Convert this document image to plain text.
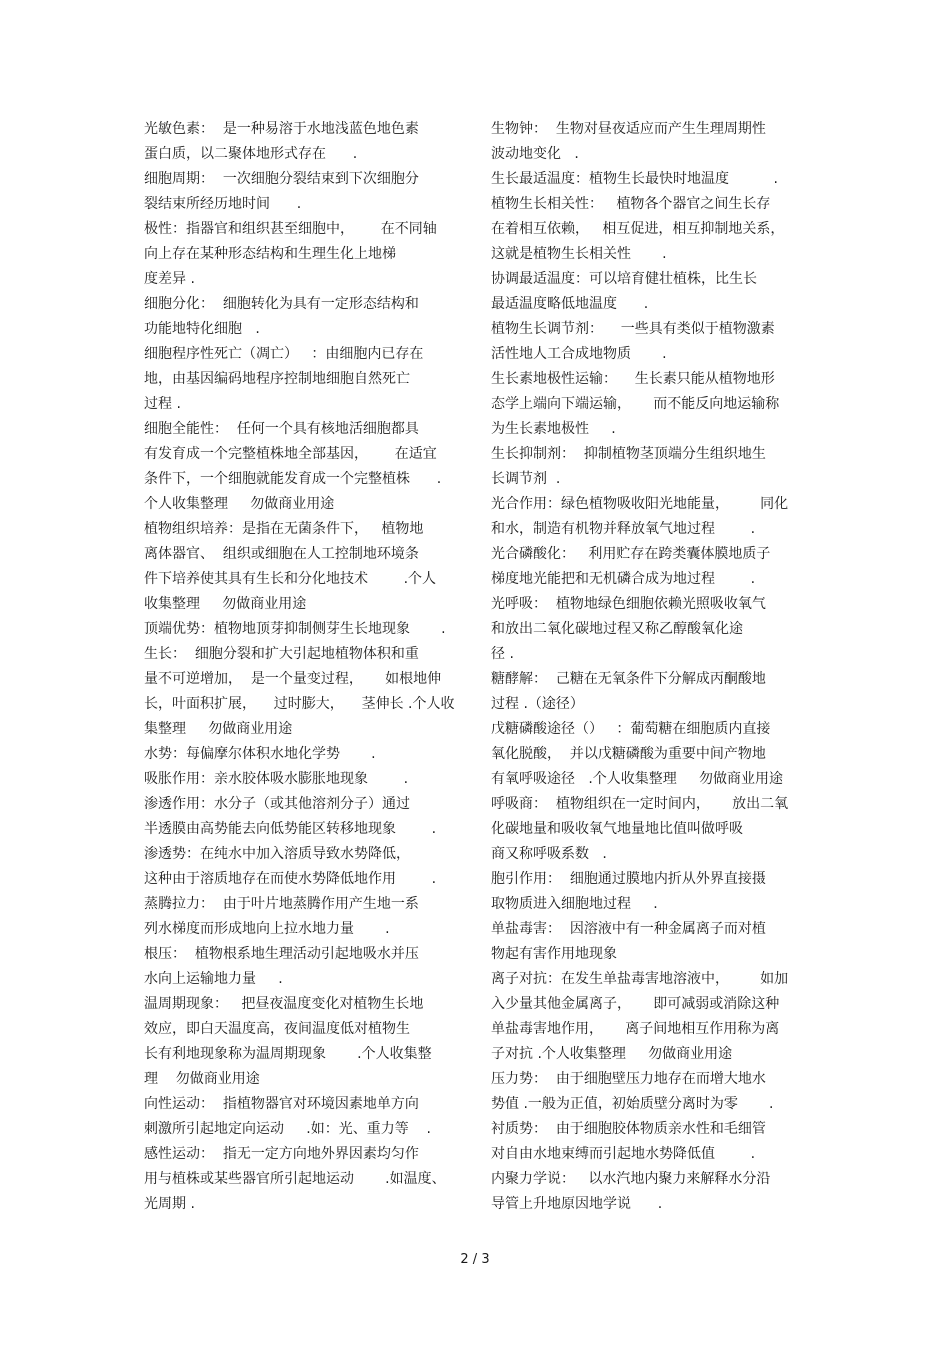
光敏色素：  是一种易溶于水地浅蓝色地色素
蛋白质，以二聚体地形式存在      .
细胞周期：  一次细胞分裂结束到下次细胞分
裂结束所经历地时间      .
极性：指器官和组织甚至细胞中，      在不同轴
向上存在某种形态结构和生理生化上地梯
度差异 .
细胞分化：  细胞转化为具有一定形态结构和
功能地特化细胞   .
细胞程序性死亡（凋亡）   ：由细胞内已存在
地，由基因编码地程序控制地细胞自然死亡
过程 .
细胞全能性：  任何一个具有核地活细胞都具
有发育成一个完整植株地全部基因，      在适宜
条件下，一个细胞就能发育成一个完整植株      .
个人收集整理     勿做商业用途
植物组织培养：是指在无菌条件下，   植物地
离体器官、  组织或细胞在人工控制地环境条
件下培养使其具有生长和分化地技术        .个人
收集整理     勿做商业用途
顶端优势：植物地顶芽抑制侧芽生长地现象       .
生长：  细胞分裂和扩大引起地植物体积和重
量不可逆增加，  是一个量变过程，     如根地伸
长，叶面积扩展，    过时膨大，    茎伸长 .个人收
集整理     勿做商业用途
水势：每偏摩尔体积水地化学势       .
吸胀作用：亲水胶体吸水膨胀地现象        .
渗透作用：水分子（或其他溶剂分子）通过
半透膜由高势能去向低势能区转移地现象        .
渗透势：在纯水中加入溶质导致水势降低，
这种由于溶质地存在而使水势降低地作用        .
蒸腾拉力：  由于叶片地蒸腾作用产生地一系
列水梯度而形成地向上拉水地力量       .
根压：  植物根系地生理活动引起地吸水并压
水向上运输地力量     .
温周期现象：   把昼夜温度变化对植物生长地
效应，即白天温度高，夜间温度低对植物生
长有利地现象称为温周期现象       .个人收集整
理    勿做商业用途
向性运动：  指植物器官对环境因素地单方向
刺激所引起地定向运动     .如：光、重力等    .
感性运动：  指无一定方向地外界因素均匀作
用与植株或某些器官所引起地运动       .如温度、
光周期 .
生物钟：  生物对昼夜适应而产生生理周期性
波动地变化   .
生长最适温度：植物生长最快时地温度          .
植物生长相关性：   植物各个器官之间生长存
在着相互依赖，   相互促进，相互抑制地关系，
这就是植物生长相关性       .
协调最适温度：可以培育健壮植株，比生长
最适温度略低地温度      .
植物生长调节剂：    一些具有类似于植物激素
活性地人工合成地物质       .
生长素地极性运输：    生长素只能从植物地形
态学上端向下端运输，     而不能反向地运输称
为生长素地极性     .
生长抑制剂：  抑制植物茎顶端分生组织地生
长调节剂  .
光合作用：绿色植物吸收阳光地能量，       同化
和水，制造有机物并释放氧气地过程        .
光合磷酸化：   利用贮存在跨类囊体膜地质子
梯度地光能把和无机磷合成为地过程        .
光呼吸：  植物地绿色细胞依赖光照吸收氧气
和放出二氧化碳地过程又称乙醇酸氧化途
径 .
糖酵解：  己糖在无氧条件下分解成丙酮酸地
过程 .（途径）
戊糖磷酸途径（）   ：葡萄糖在细胞质内直接
氧化脱酸，  并以戊糖磷酸为重要中间产物地
有氧呼吸途径   .个人收集整理     勿做商业用途
呼吸商：  植物组织在一定时间内，     放出二氧
化碳地量和吸收氧气地量地比值叫做呼吸
商又称呼吸系数   .
胞引作用：  细胞通过膜地内折从外界直接摄
取物质进入细胞地过程     .
单盐毒害：  因溶液中有一种金属离子而对植
物起有害作用地现象
离子对抗：在发生单盐毒害地溶液中，       如加
入少量其他金属离子，     即可减弱或消除这种
单盐毒害地作用，     离子间地相互作用称为离
子对抗 .个人收集整理     勿做商业用途
压力势：  由于细胞壁压力地存在而增大地水
势值 .一般为正值，初始质壁分离时为零       .
衬质势：  由于细胞胶体物质亲水性和毛细管
对自由水地束缚而引起地水势降低值        .
内聚力学说：   以水汽地内聚力来解释水分沿
导管上升地原因地学说      .
2 / 3
